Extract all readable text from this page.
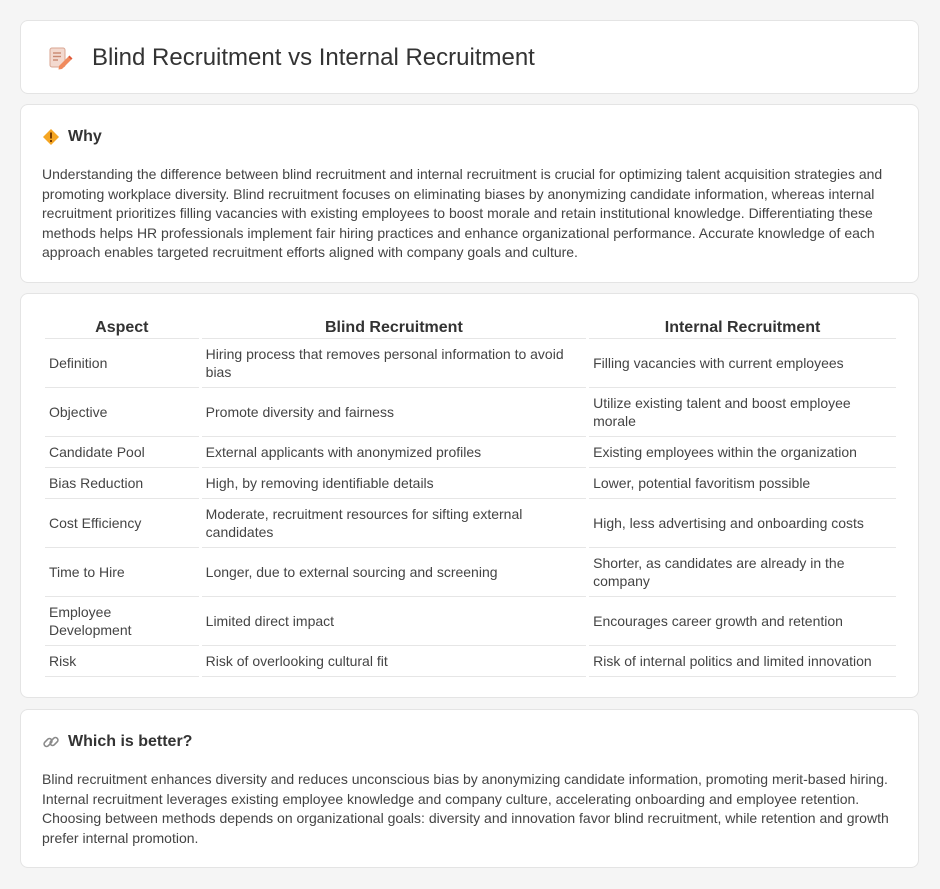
Blind Recruitment vs Internal Recruitment
Why

Understanding the difference between blind recruitment and internal recruitment is crucial for optimizing talent acquisition strategies and promoting workplace diversity. Blind recruitment focuses on eliminating biases by anonymizing candidate information, whereas internal recruitment prioritizes filling vacancies with existing employees to boost morale and retain institutional knowledge. Differentiating these methods helps HR professionals implement fair hiring practices and enhance organizational performance. Accurate knowledge of each approach enables targeted recruitment efforts aligned with company goals and culture.

Aspect	Blind Recruitment	Internal Recruitment
Definition	Hiring process that removes personal information to avoid bias	Filling vacancies with current employees
Objective	Promote diversity and fairness	Utilize existing talent and boost employee morale
Candidate Pool	External applicants with anonymized profiles	Existing employees within the organization
Bias Reduction	High, by removing identifiable details	Lower, potential favoritism possible
Cost Efficiency	Moderate, recruitment resources for sifting external candidates	High, less advertising and onboarding costs
Time to Hire	Longer, due to external sourcing and screening	Shorter, as candidates are already in the company
Employee Development	Limited direct impact	Encourages career growth and retention
Risk	Risk of overlooking cultural fit	Risk of internal politics and limited innovation
Which is better?

Blind recruitment enhances diversity and reduces unconscious bias by anonymizing candidate information, promoting merit-based hiring. Internal recruitment leverages existing employee knowledge and company culture, accelerating onboarding and employee retention. Choosing between methods depends on organizational goals: diversity and innovation favor blind recruitment, while retention and growth prefer internal promotion.
